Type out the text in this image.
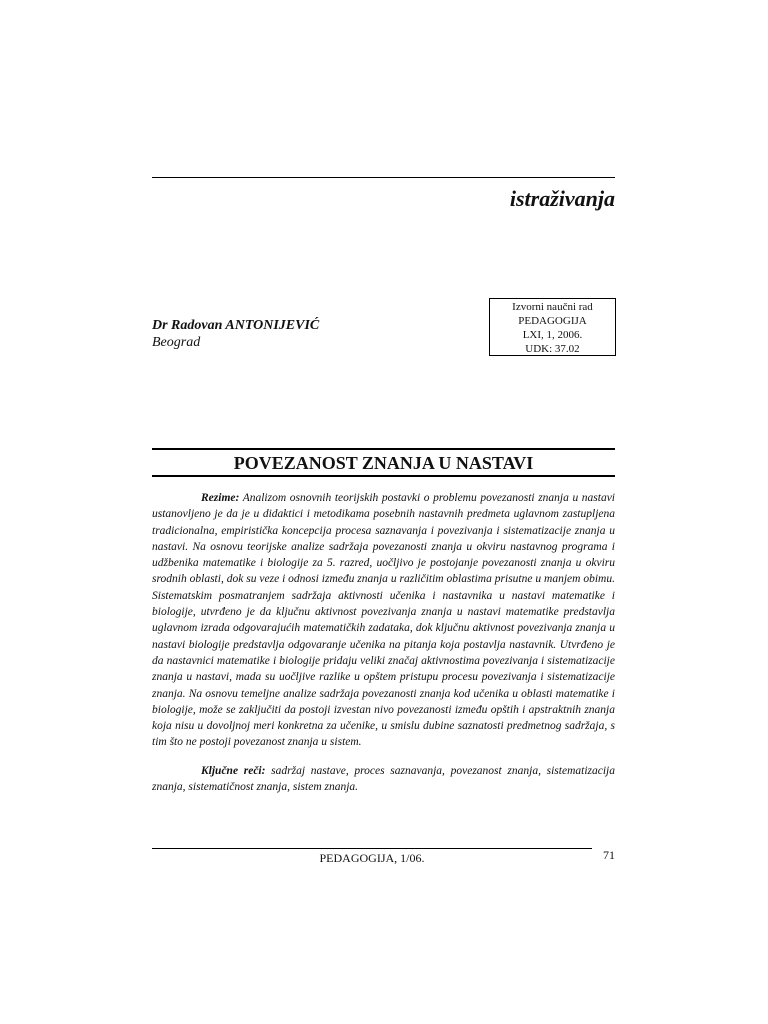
istraživanja
Izvorni naučni rad
PEDAGOGIJA
LXI, 1, 2006.
UDK: 37.02
Dr Radovan ANTONIJEVIĆ
Beograd
POVEZANOST ZNANJA U NASTAVI

Rezime: Analizom osnovnih teorijskih postavki o problemu povezanosti znanja u nastavi ustanovljeno je da je u didaktici i metodikama posebnih nastavnih predmeta uglavnom zastupljena tradicionalna, empiristička koncepcija procesa saznavanja i povezivanja i sistematizacije znanja u nastavi. Na osnovu teorijske analize sadržaja povezanosti znanja u okviru nastavnog programa i udžbenika matematike i biologije za 5. razred, uočljivo je postojanje povezanosti znanja u okviru srodnih oblasti, dok su veze i odnosi između znanja u različitim oblastima prisutne u manjem obimu. Sistematskim posmatranjem sadržaja aktivnosti učenika i nastavnika u nastavi matematike i biologije, utvrđeno je da ključnu aktivnost povezivanja znanja u nastavi matematike predstavlja uglavnom izrada odgovarajućih matematičkih zadataka, dok ključnu aktivnost povezivanja znanja u nastavi biologije predstavlja odgovaranje učenika na pitanja koja postavlja nastavnik. Utvrđeno je da nastavnici matematike i biologije pridaju veliki značaj aktivnostima povezivanja i sistematizacije znanja u nastavi, mada su uočljive razlike u opštem pristupu procesu povezivanja i sistematizacije znanja. Na osnovu temeljne analize sadržaja povezanosti znanja kod učenika u oblasti matematike i biologije, može se zaključiti da postoji izvestan nivo povezanosti između opštih i apstraktnih znanja koja nisu u dovoljnoj meri konkretna za učenike, u smislu dubine saznatosti predmetnog sadržaja, s tim što ne postoji povezanost znanja u sistem.

Ključne reči: sadržaj nastave, proces saznavanja, povezanost znanja, sistematizacija znanja, sistematičnost znanja, sistem znanja.

PEDAGOGIJA, 1/06.	71
